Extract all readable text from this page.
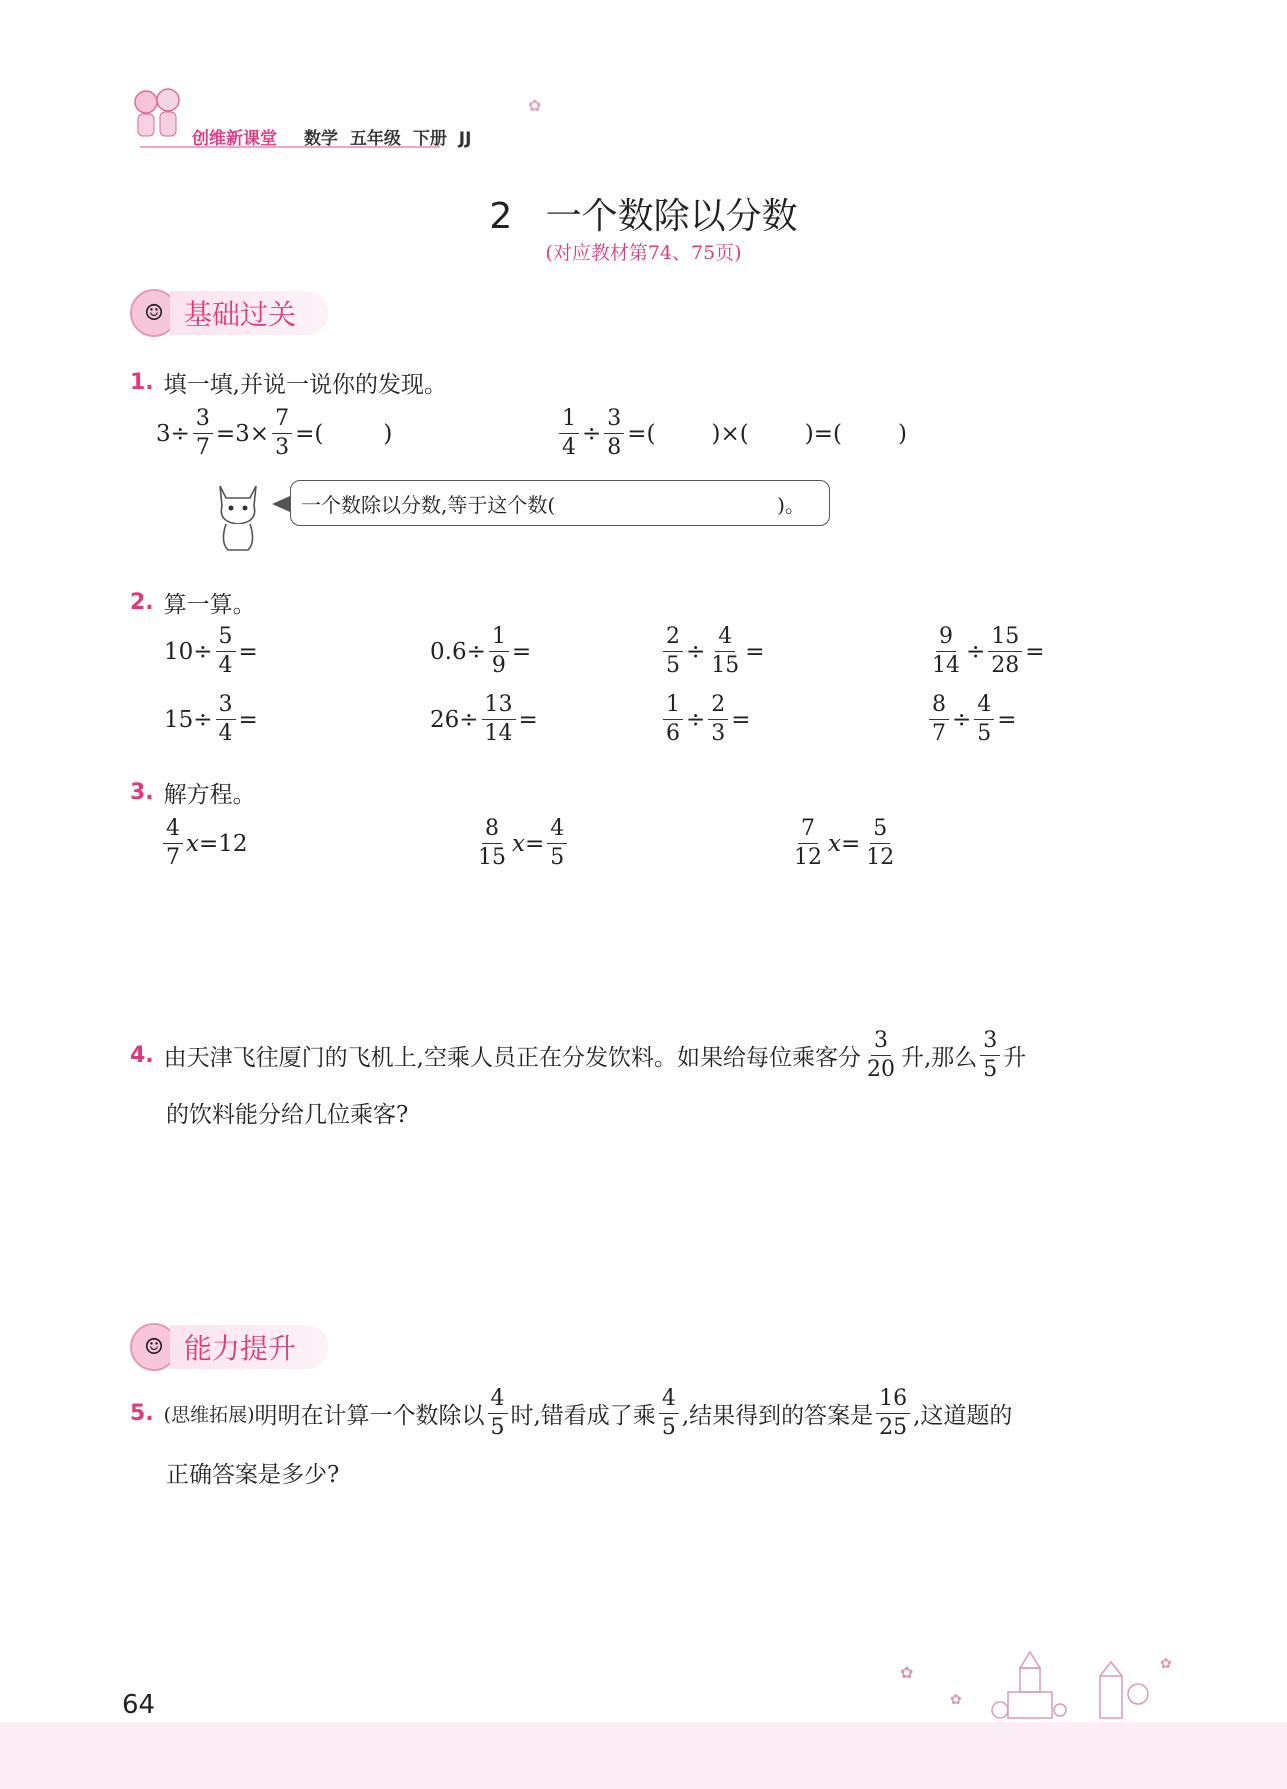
创维新课堂 数学 五年级 下册 JJ
✿
2 一个数除以分数
(对应教材第74、75页)
☺ 基础过关
1. 填一填,并说一说你的发现。
$3\div \frac{3}{7} =3\times \frac{7}{3}$ =(	)	$\frac{1}{4} \div \frac{3}{8}$ =( )×( )=( )
一个数除以分数,等于这个数(	)。
2. 算一算。
$10\div \frac{5}{4}$ =	$0.6\div \frac{1}{9}$ =	$\frac{2}{5} \div \frac{4}{15}$ =	$\frac{9}{14} \div \frac{15}{28}$ =
$15\div \frac{3}{4}$ =	$26\div \frac{13}{14}$ =	$\frac{1}{6} \div \frac{2}{3}$ =	$\frac{8}{7} \div \frac{4}{5}$ =
3. 解方程。
$\frac{4}{7}$ x =12	$\frac{8}{15}$ $x = \frac{4}{5}$	$\frac{7}{12}$ $x = \frac{5}{12}$
4. 由天津飞往厦门的飞机上,空乘人员正在分发饮料。如果给每位乘客分 $\frac{3}{20}$ 升,那么 $\frac{3}{5}$ 升
的饮料能分给几位乘客?
☺ 能力提升
5. (思维拓展) 明明在计算一个数除以 $\frac{4}{5}$ 时,错看成了乘 $\frac{4}{5}$ ,结果得到的答案是 $\frac{16}{25}$ ,这道题的
正确答案是多少?
✿
✿
✿
64
